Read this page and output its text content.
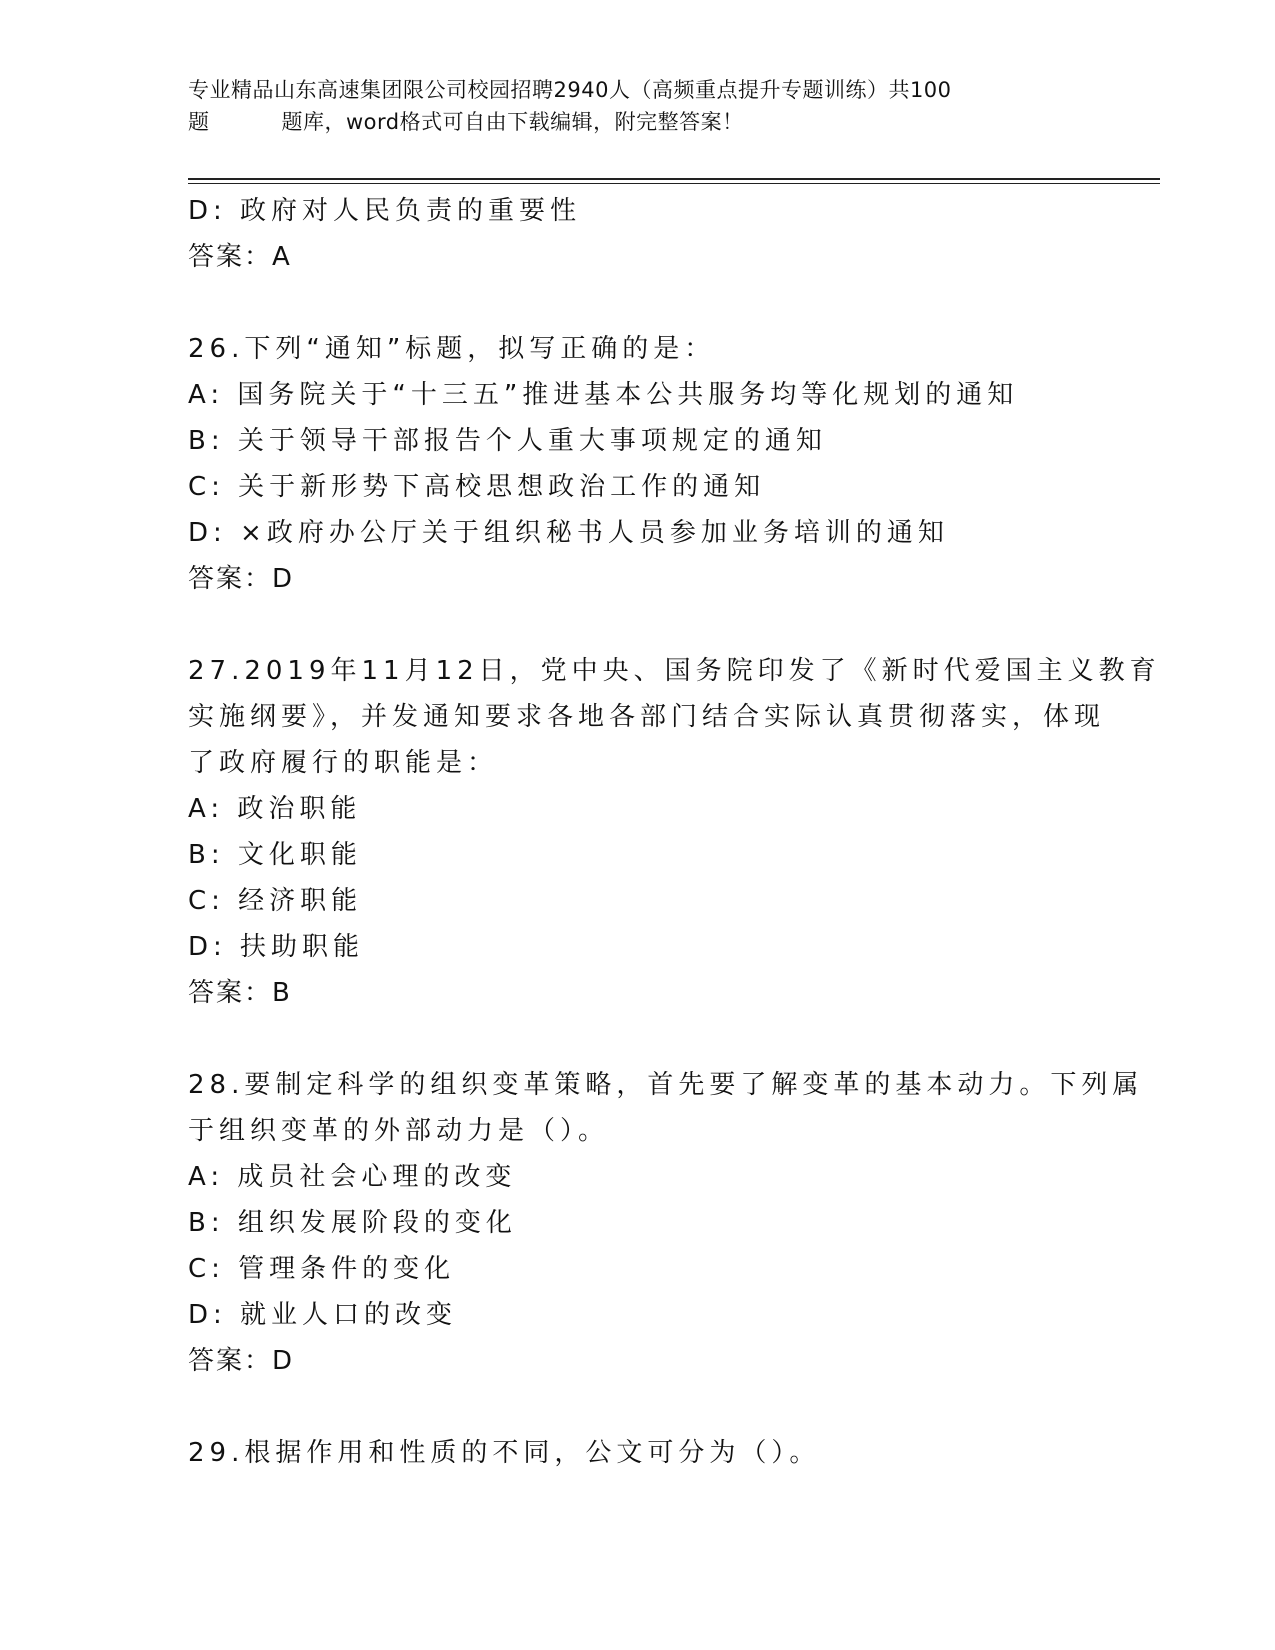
专业精品山东高速集团限公司校园招聘2940人（高频重点提升专题训练）共100
题	题库，word格式可自由下载编辑，附完整答案！
D: 政府对人民负责的重要性
答案：A
26.下列“通知”标题，拟写正确的是：
A: 国务院关于“十三五”推进基本公共服务均等化规划的通知
B: 关于领导干部报告个人重大事项规定的通知
C: 关于新形势下高校思想政治工作的通知
D: ×政府办公厅关于组织秘书人员参加业务培训的通知
答案：D
27.2019年11月12日，党中央、国务院印发了《新时代爱国主义教育
实施纲要》，并发通知要求各地各部门结合实际认真贯彻落实，体现
了政府履行的职能是：
A: 政治职能
B: 文化职能
C: 经济职能
D: 扶助职能
答案：B
28.要制定科学的组织变革策略，首先要了解变革的基本动力。下列属
于组织变革的外部动力是（）。
A: 成员社会心理的改变
B: 组织发展阶段的变化
C: 管理条件的变化
D: 就业人口的改变
答案：D
29.根据作用和性质的不同，公文可分为（）。
